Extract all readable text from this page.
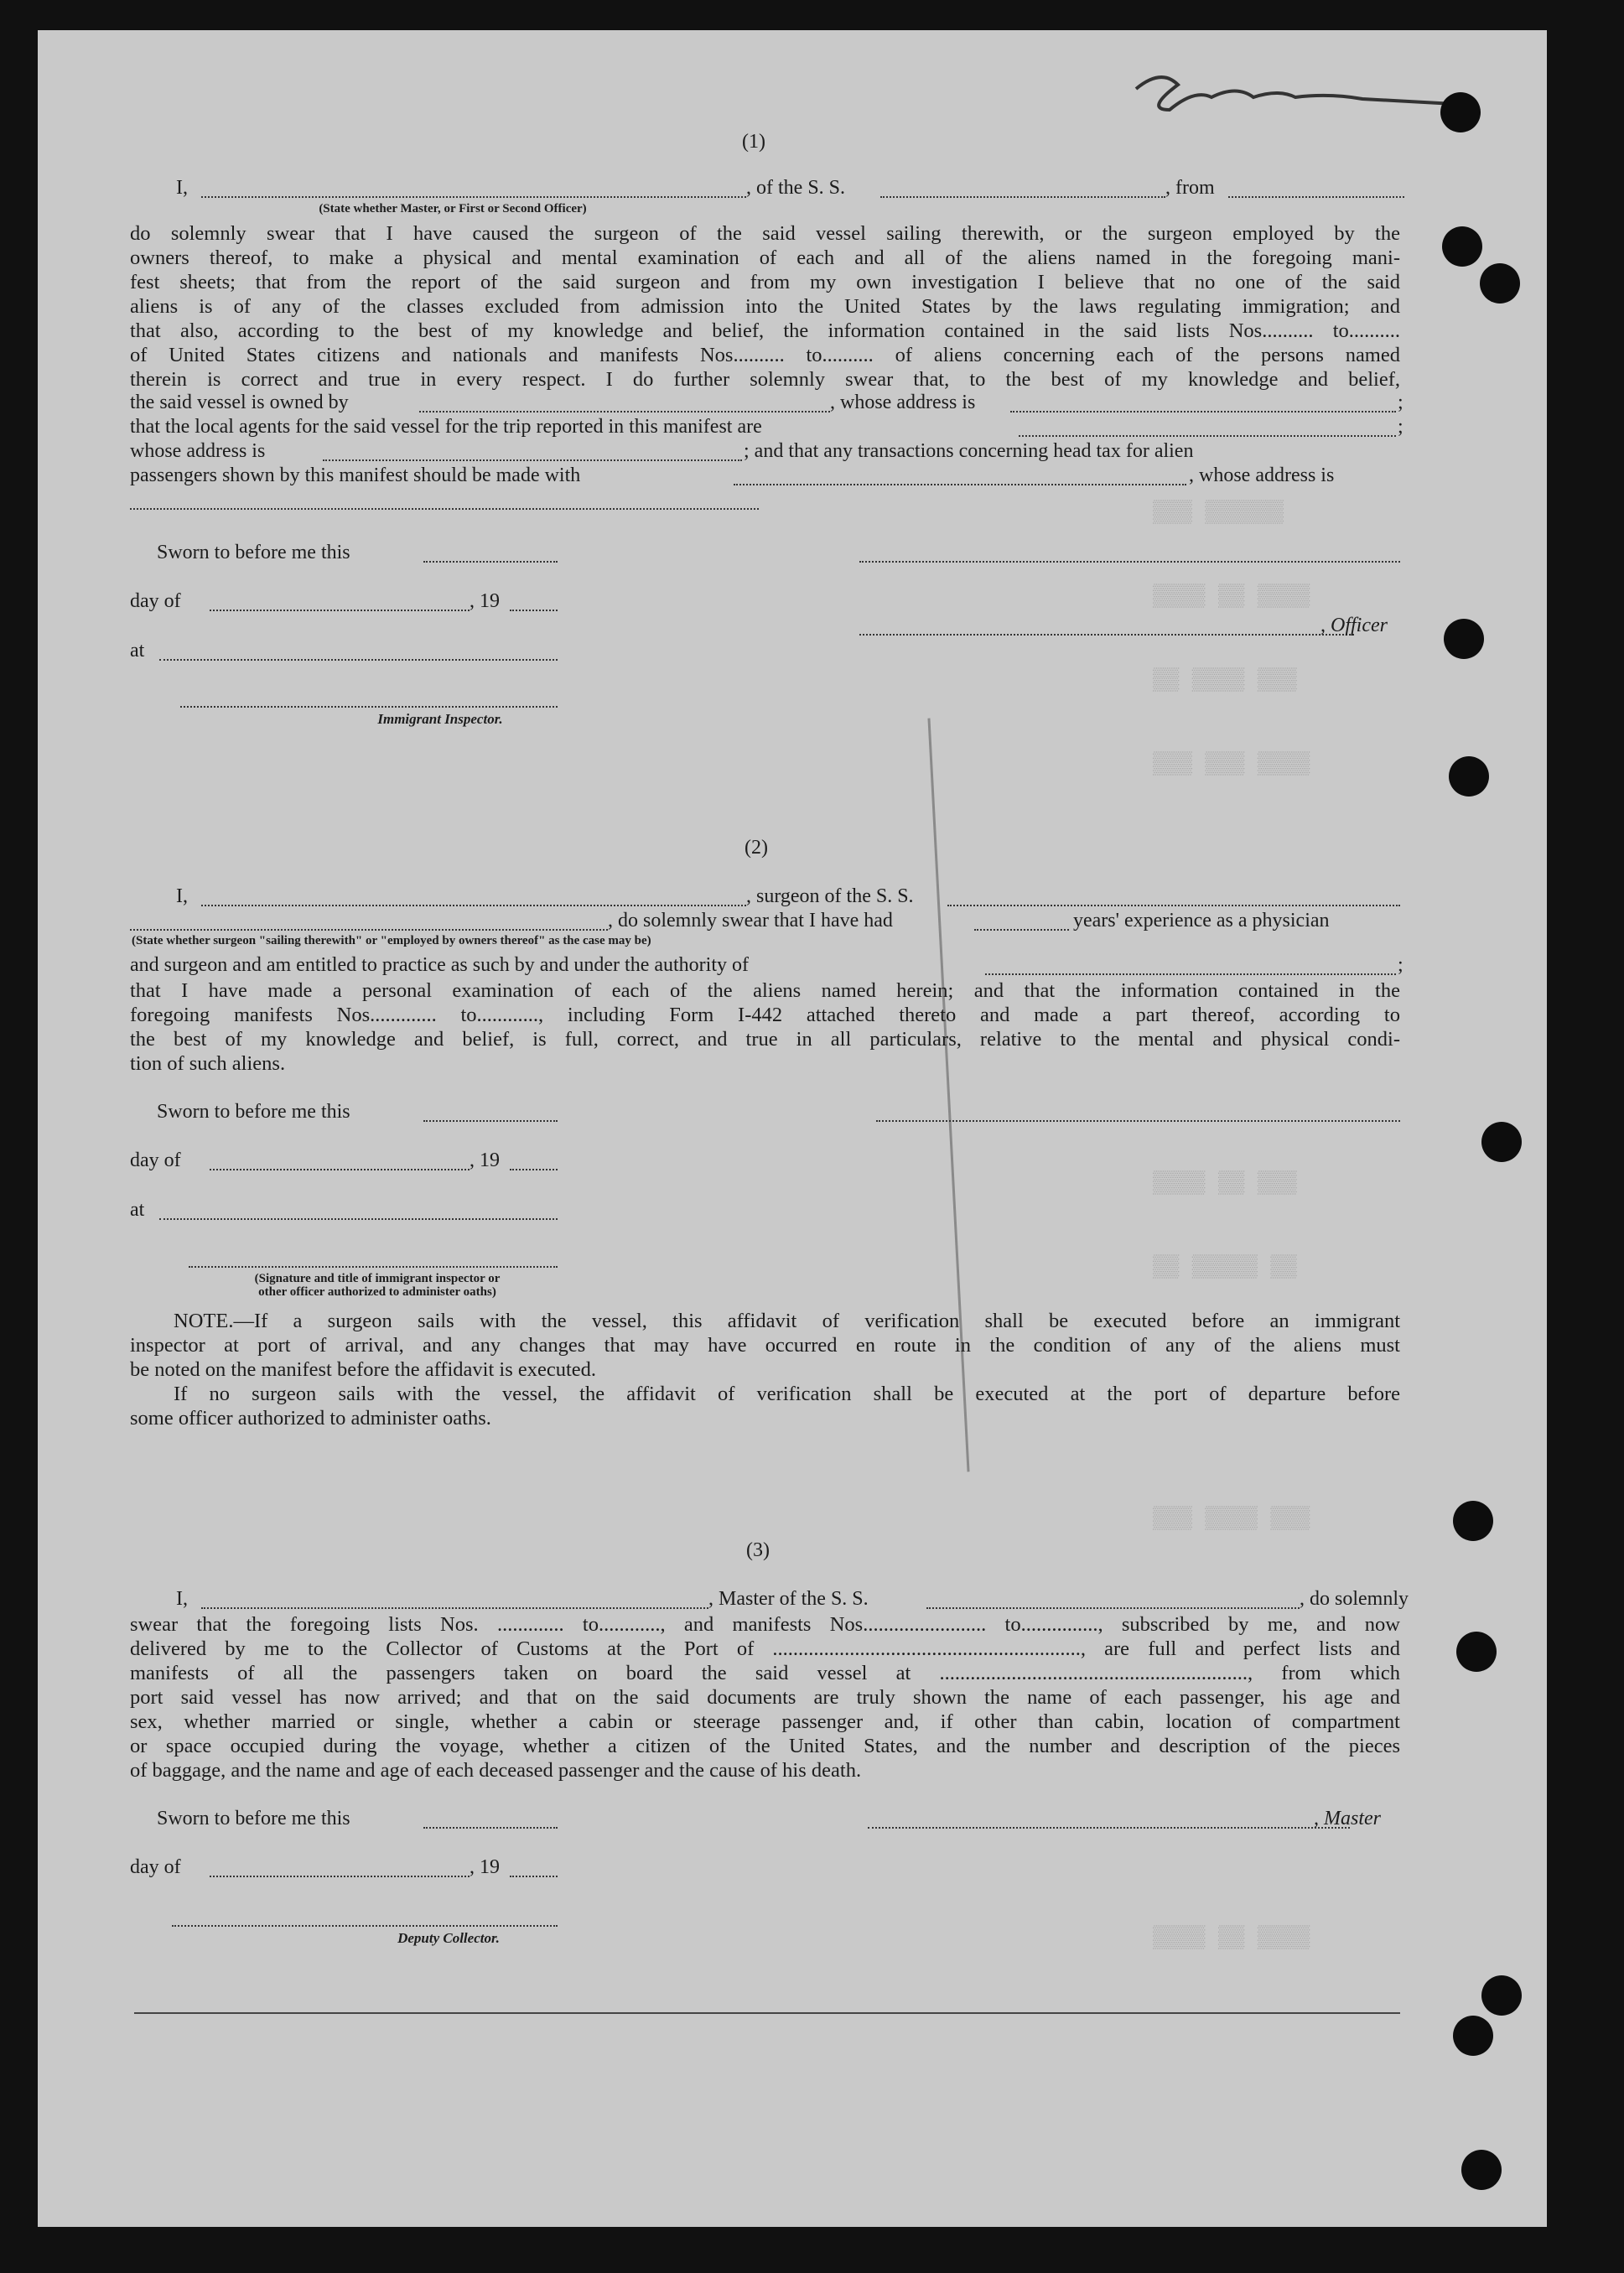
▒▒▒ ▒▒▒▒▒▒
▒▒▒▒ ▒▒ ▒▒▒▒
▒▒ ▒▒▒▒ ▒▒▒
▒▒▒ ▒▒▒ ▒▒▒▒
▒▒▒▒ ▒▒ ▒▒▒
▒▒ ▒▒▒▒▒ ▒▒
▒▒▒ ▒▒▒▒ ▒▒▒
▒▒▒▒ ▒▒ ▒▒▒▒
(1)
I,	, of the S. S.	, from
(State whether Master, or First or Second Officer)
do solemnly swear that I have caused the surgeon of the said vessel sailing therewith, or the surgeon employed by the
owners thereof, to make a physical and mental examination of each and all of the aliens named in the foregoing mani-
fest sheets; that from the report of the said surgeon and from my own investigation I believe that no one of the said
aliens is of any of the classes excluded from admission into the United States by the laws regulating immigration; and
that also, according to the best of my knowledge and belief, the information contained in the said lists Nos.......... to..........
of United States citizens and nationals and manifests Nos.......... to.......... of aliens concerning each of the persons named
therein is correct and true in every respect. I do further solemnly swear that, to the best of my knowledge and belief,
the said vessel is owned by	, whose address is	;
that the local agents for the said vessel for the trip reported in this manifest are	;
whose address is	; and that any transactions concerning head tax for alien
passengers shown by this manifest should be made with	, whose address is
Sworn to before me this
day of	, 19
, Officer
at
Immigrant Inspector.
(2)
I,	, surgeon of the S. S.
, do solemnly swear that I have had	years' experience as a physician
(State whether surgeon "sailing therewith" or "employed by owners thereof" as the case may be)
and surgeon and am entitled to practice as such by and under the authority of	;
that I have made a personal examination of each of the aliens named herein; and that the information contained in the
foregoing manifests Nos............. to............, including Form I-442 attached thereto and made a part thereof, according to
the best of my knowledge and belief, is full, correct, and true in all particulars, relative to the mental and physical condi-
tion of such aliens.
Sworn to before me this
day of	, 19
at
(Signature and title of immigrant inspector or
other officer authorized to administer oaths)
NOTE.—If a surgeon sails with the vessel, this affidavit of verification shall be executed before an immigrant
inspector at port of arrival, and any changes that may have occurred en route in the condition of any of the aliens must
be noted on the manifest before the affidavit is executed.
If no surgeon sails with the vessel, the affidavit of verification shall be executed at the port of departure before
some officer authorized to administer oaths.
(3)
I,	, Master of the S. S.	, do solemnly
swear that the foregoing lists Nos. ............. to............, and manifests Nos........................ to..............., subscribed by me, and now
delivered by me to the Collector of Customs at the Port of ............................................................, are full and perfect lists and
manifests of all the passengers taken on board the said vessel at ............................................................, from which
port said vessel has now arrived; and that on the said documents are truly shown the name of each passenger, his age and
sex, whether married or single, whether a cabin or steerage passenger and, if other than cabin, location of compartment
or space occupied during the voyage, whether a citizen of the United States, and the number and description of the pieces
of baggage, and the name and age of each deceased passenger and the cause of his death.
Sworn to before me this	, Master
day of	, 19
Deputy Collector.
